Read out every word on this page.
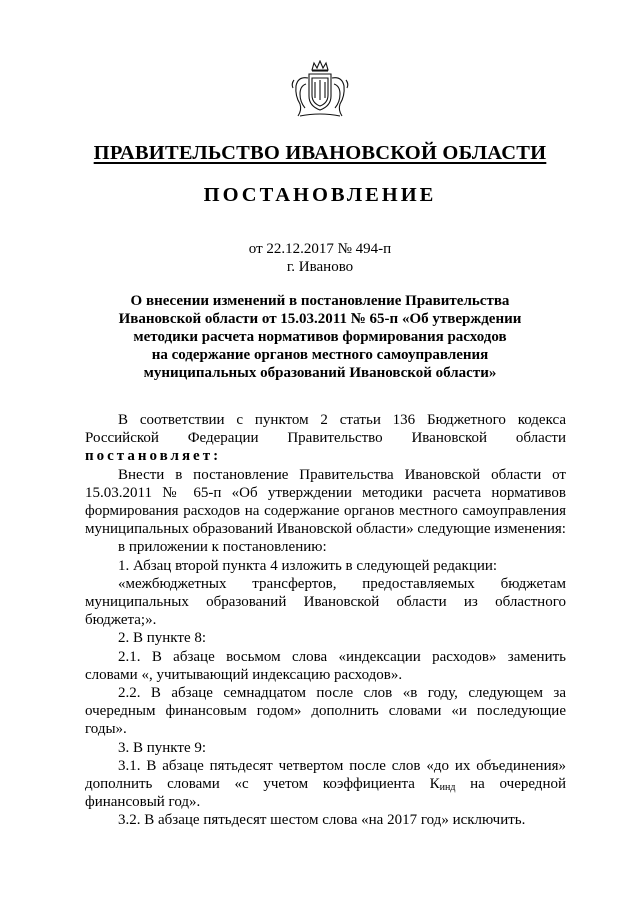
ПРАВИТЕЛЬСТВО ИВАНОВСКОЙ ОБЛАСТИ
ПОСТАНОВЛЕНИЕ
от 22.12.2017 № 494-п
г. Иваново
О внесении изменений в постановление Правительства
Ивановской области от 15.03.2011 № 65-п «Об утверждении
методики расчета нормативов формирования расходов
на содержание органов местного самоуправления
муниципальных образований Ивановской области»

В соответствии с пунктом 2 статьи 136 Бюджетного кодекса Российской Федерации Правительство Ивановской области

постановляет:

Внести в постановление Правительства Ивановской области от 15.03.2011 № 65-п «Об утверждении методики расчета нормативов формирования расходов на содержание органов местного самоуправления муниципальных образований Ивановской области» следующие изменения:

в приложении к постановлению:

1. Абзац второй пункта 4 изложить в следующей редакции:

«межбюджетных трансфертов, предоставляемых бюджетам муниципальных образований Ивановской области из областного бюджета;».

2. В пункте 8:

2.1. В абзаце восьмом слова «индексации расходов» заменить словами «, учитывающий индексацию расходов».

2.2. В абзаце семнадцатом после слов «в году, следующем за очередным финансовым годом» дополнить словами «и последующие годы».

3. В пункте 9:

3.1. В абзаце пятьдесят четвертом после слов «до их объединения» дополнить словами «с учетом коэффициента $К_{инд}$ на очередной финансовый год».

3.2. В абзаце пятьдесят шестом слова «на 2017 год» исключить.
